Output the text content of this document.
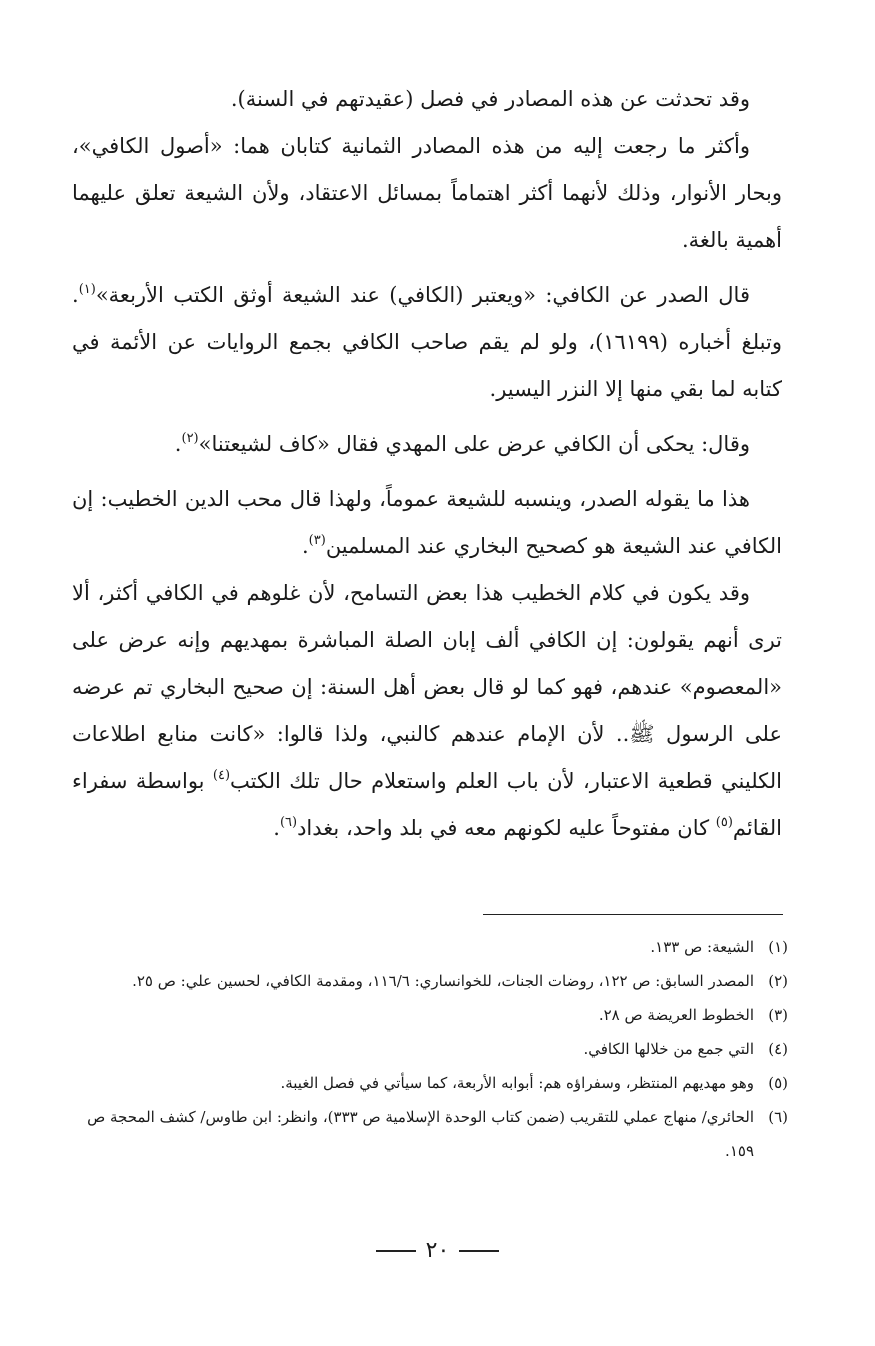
وقد تحدثت عن هذه المصادر في فصل (عقيدتهم في السنة).

وأكثر ما رجعت إليه من هذه المصادر الثمانية كتابان هما: «أصول الكافي»، وبحار الأنوار، وذلك لأنهما أكثر اهتماماً بمسائل الاعتقاد، ولأن الشيعة تعلق عليهما أهمية بالغة.

قال الصدر عن الكافي: «ويعتبر (الكافي) عند الشيعة أوثق الكتب الأربعة»$^{(١)}$. وتبلغ أخباره (١٦١٩٩)، ولو لم يقم صاحب الكافي بجمع الروايات عن الأئمة في كتابه لما بقي منها إلا النزر اليسير.

وقال: يحكى أن الكافي عرض على المهدي فقال «كاف لشيعتنا»$^{(٢)}$.

هذا ما يقوله الصدر، وينسبه للشيعة عموماً، ولهذا قال محب الدين الخطيب: إن الكافي عند الشيعة هو كصحيح البخاري عند المسلمين$^{(٣)}$.

وقد يكون في كلام الخطيب هذا بعض التسامح، لأن غلوهم في الكافي أكثر، ألا ترى أنهم يقولون: إن الكافي ألف إبان الصلة المباشرة بمهديهم وإنه عرض على «المعصوم» عندهم، فهو كما لو قال بعض أهل السنة: إن صحيح البخاري تم عرضه على الرسول ﷺ.. لأن الإمام عندهم كالنبي، ولذا قالوا: «كانت منابع اطلاعات الكليني قطعية الاعتبار، لأن باب العلم واستعلام حال تلك الكتب$^{(٤)}$ بواسطة سفراء القائم$^{(٥)}$ كان مفتوحاً عليه لكونهم معه في بلد واحد، بغداد$^{(٦)}$.

(١)
الشيعة: ص ١٣٣.
(٢)
المصدر السابق: ص ١٢٢، روضات الجنات، للخوانساري: ١١٦/٦، ومقدمة الكافي، لحسين علي: ص ٢٥.
(٣)
الخطوط العريضة ص ٢٨.
(٤)
التي جمع من خلالها الكافي.
(٥)
وهو مهديهم المنتظر، وسفراؤه هم: أبوابه الأربعة، كما سيأتي في فصل الغيبة.
(٦)
الحائري/ منهاج عملي للتقريب (ضمن كتاب الوحدة الإسلامية ص ٣٣٣)، وانظر: ابن طاوس/ كشف المحجة ص ١٥٩.
٢٠
